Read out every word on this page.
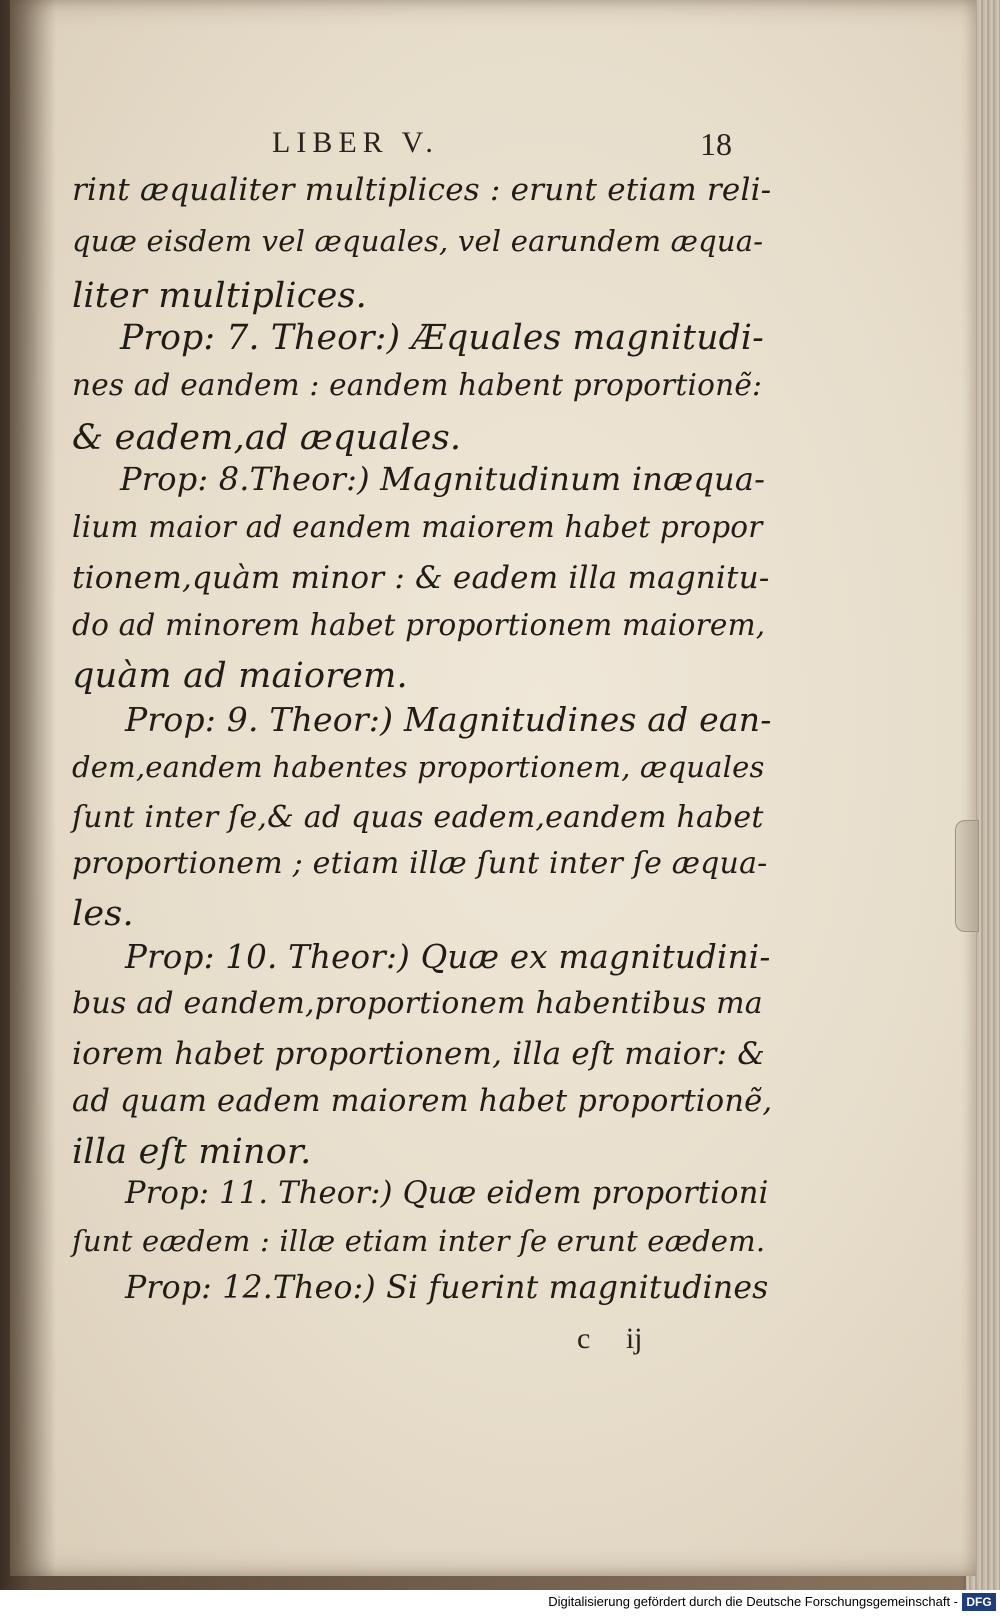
LIBER V.	18
rint æqualiter multiplices : erunt etiam reli-
quæ eisdem vel æquales, vel earundem æqua-
liter multiplices.
Prop: 7. Theor:) Æquales magnitudi-
nes ad eandem : eandem habent proportionẽ:
& eadem,ad æquales.
Prop: 8.Theor:) Magnitudinum inæqua-
lium maior ad eandem maiorem habet propor
tionem,quàm minor : & eadem illa magnitu-
do ad minorem habet proportionem maiorem,
quàm ad maiorem.
Prop: 9. Theor:) Magnitudines ad ean-
dem,eandem habentes proportionem, æquales
ſunt inter ſe,& ad quas eadem,eandem habet
proportionem ; etiam illæ ſunt inter ſe æqua-
les.
Prop: 10. Theor:) Quæ ex magnitudini-
bus ad eandem,proportionem habentibus ma
iorem habet proportionem, illa eſt maior: &
ad quam eadem maiorem habet proportionẽ,
illa eſt minor.
Prop: 11. Theor:) Quæ eidem proportioni
ſunt eædem : illæ etiam inter ſe erunt eædem.
Prop: 12.Theo:) Si fuerint magnitudines
c ij
Digitalisierung gefördert durch die Deutsche Forschungsgemeinschaft - DFG
